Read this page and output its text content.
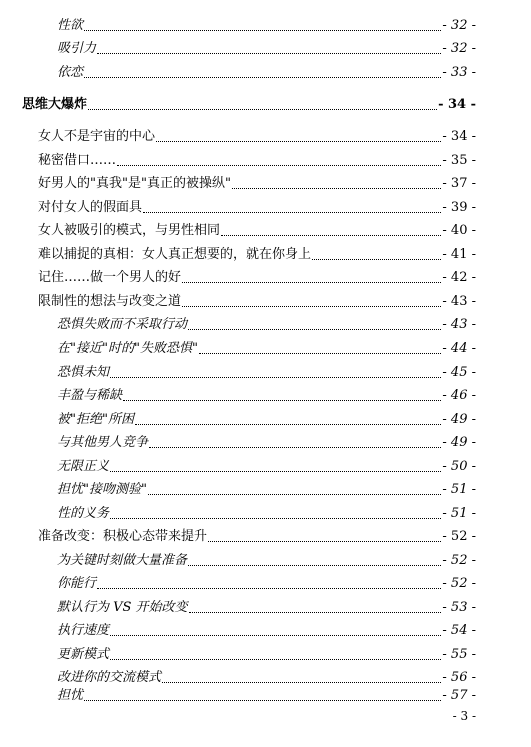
性欲	- 32 -
吸引力	- 32 -
依恋	- 33 -
思维大爆炸	- 34 -
女人不是宇宙的中心	- 34 -
秘密借口……	- 35 -
好男人的"真我"是"真正的被操纵"	- 37 -
对付女人的假面具	- 39 -
女人被吸引的模式，与男性相同	- 40 -
难以捕捉的真相：女人真正想要的，就在你身上	- 41 -
记住……做一个男人的好	- 42 -
限制性的想法与改变之道	- 43 -
恐惧失败而不采取行动	- 43 -
在"接近"时的"失败恐惧"	- 44 -
恐惧未知	- 45 -
丰盈与稀缺	- 46 -
被"拒绝"所困	- 49 -
与其他男人竞争	- 49 -
无限正义	- 50 -
担忧"接吻测验"	- 51 -
性的义务	- 51 -
准备改变：积极心态带来提升	- 52 -
为关键时刻做大量准备	- 52 -
你能行	- 52 -
默认行为 VS 开始改变	- 53 -
执行速度	- 54 -
更新模式	- 55 -
改进你的交流模式	- 56 -
担忧	- 57 -
- 3 -
